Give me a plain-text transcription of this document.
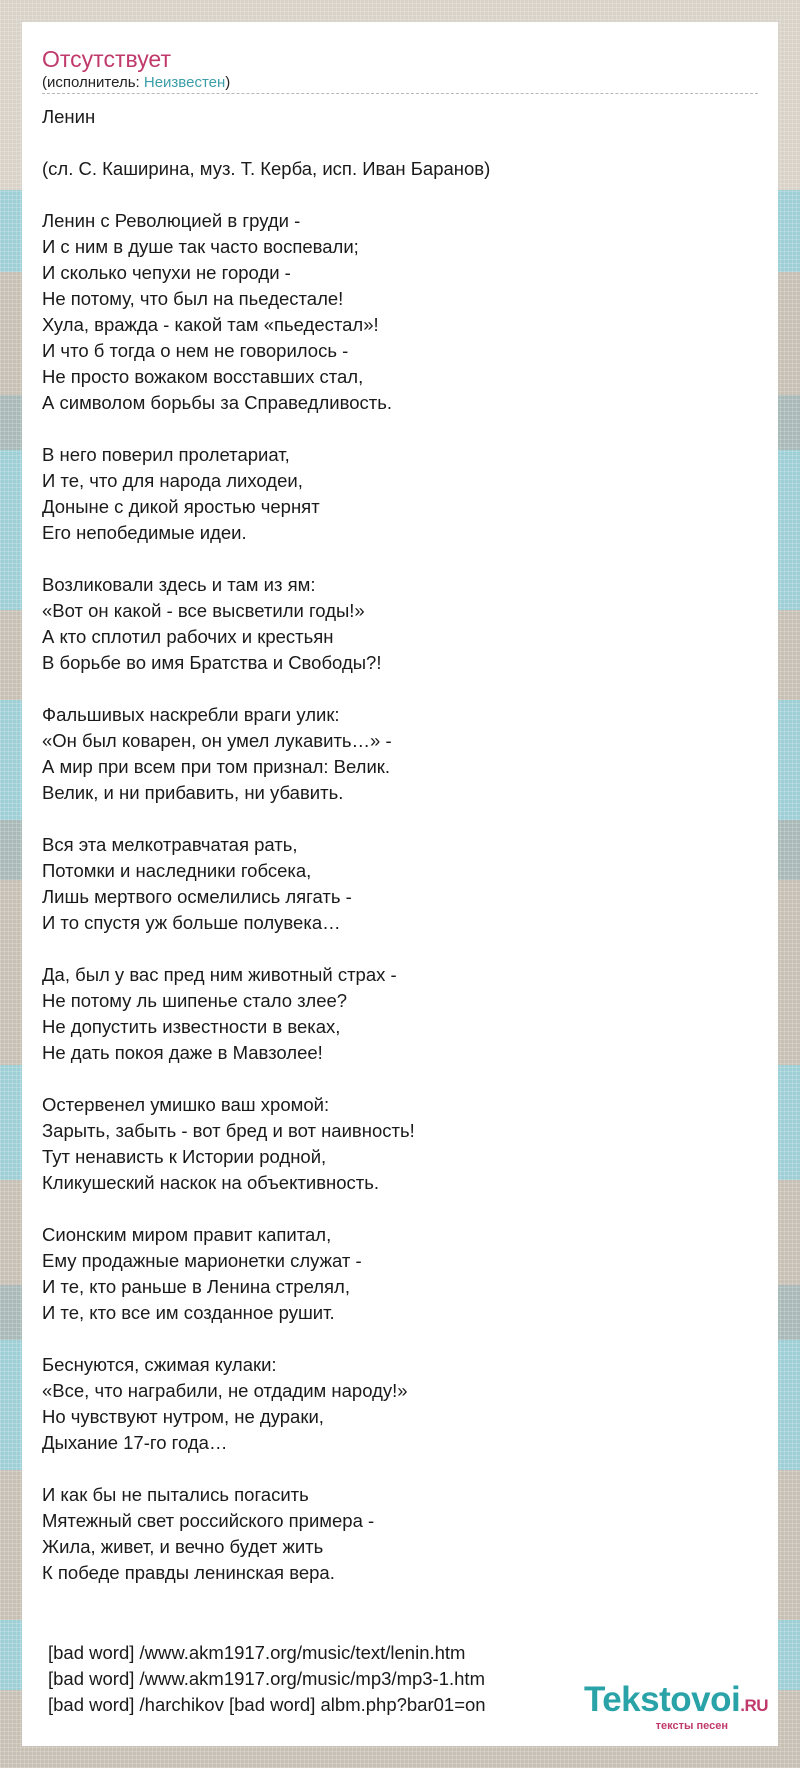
Отсутствует
(исполнитель: Неизвестен)
Ленин
(сл. С. Каширина, муз. Т. Керба, исп. Иван Баранов)
Ленин с Революцией в груди -
И с ним в душе так часто воспевали;
И сколько чепухи не городи -
Не потому, что был на пьедестале!
Хула, вражда - какой там «пьедестал»!
И что б тогда о нем не говорилось -
Не просто вожаком восставших стал,
А символом борьбы за Справедливость.
В него поверил пролетариат,
И те, что для народа лиходеи,
Доныне с дикой яростью чернят
Его непобедимые идеи.
Возликовали здесь и там из ям:
«Вот он какой - все высветили годы!»
А кто сплотил рабочих и крестьян
В борьбе во имя Братства и Свободы?!
Фальшивых наскребли враги улик:
«Он был коварен, он умел лукавить…» -
А мир при всем при том признал: Велик.
Велик, и ни прибавить, ни убавить.
Вся эта мелкотравчатая рать,
Потомки и наследники гобсека,
Лишь мертвого осмелились лягать -
И то спустя уж больше полувека…
Да, был у вас пред ним животный страх -
Не потому ль шипенье стало злее?
Не допустить известности в веках,
Не дать покоя даже в Мавзолее!
Остервенел умишко ваш хромой:
Зарыть, забыть - вот бред и вот наивность!
Тут ненависть к Истории родной,
Кликушеский наскок на объективность.
Сионским миром правит капитал,
Ему продажные марионетки служат -
И те, кто раньше в Ленина стрелял,
И те, кто все им созданное рушит.
Беснуются, сжимая кулаки:
«Все, что награбили, не отдадим народу!»
Но чувствуют нутром, не дураки,
Дыхание 17-го года…
И как бы не пытались погасить
Мятежный свет российского примера -
Жила, живет, и вечно будет жить
К победе правды ленинская вера.
[bad word] /www.akm1917.org/music/text/lenin.htm
[bad word] /www.akm1917.org/music/mp3/mp3-1.htm
[bad word] /harchikov [bad word] albm.php?bar01=on	Tekstovoi.RU
тексты песен
